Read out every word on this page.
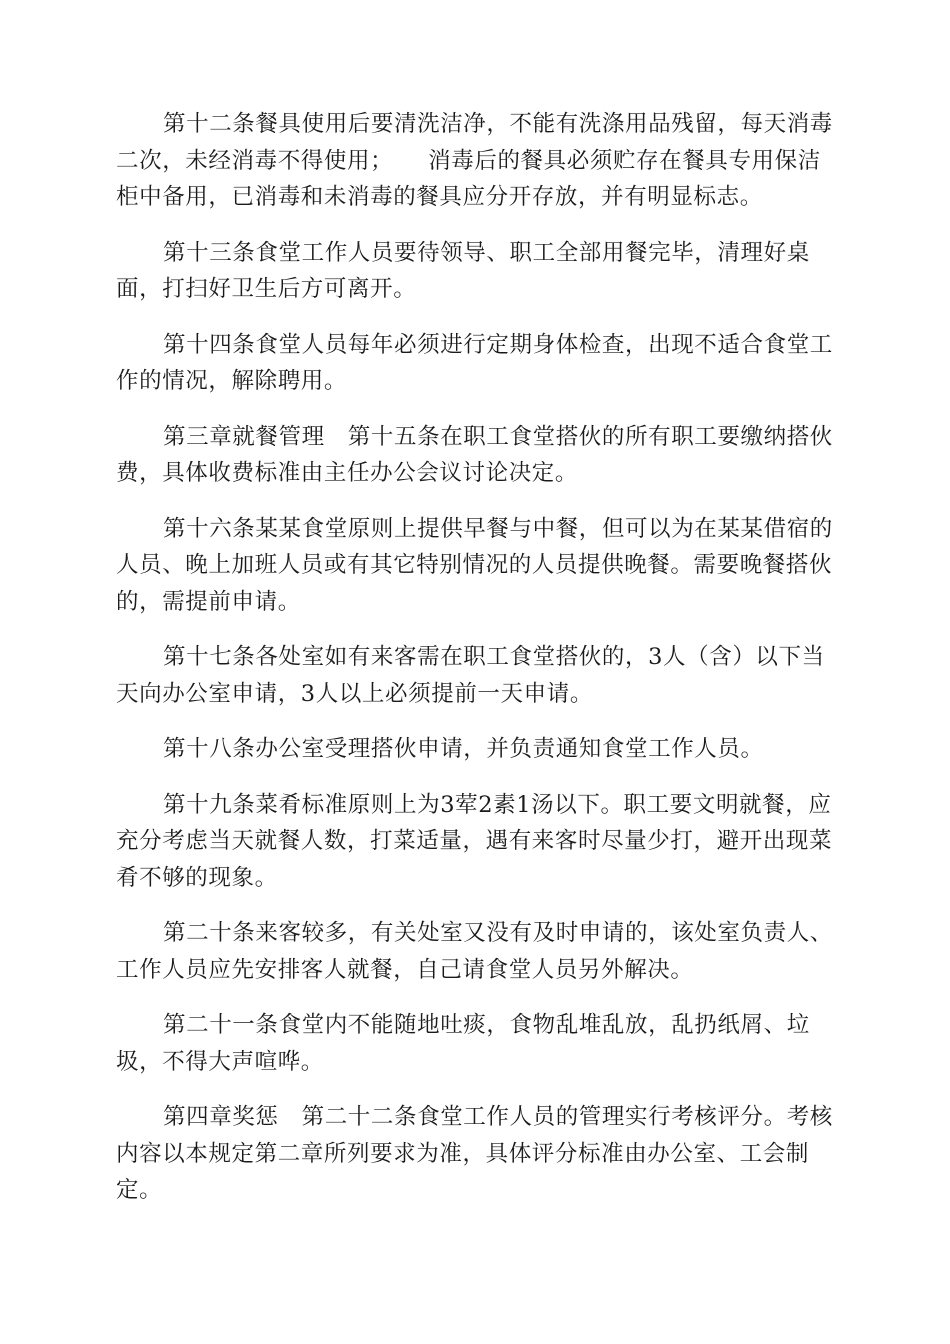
第十二条餐具使用后要清洗洁净，不能有洗涤用品残留，每天消毒二次，未经消毒不得使用；　　消毒后的餐具必须贮存在餐具专用保洁柜中备用，已消毒和未消毒的餐具应分开存放，并有明显标志。

第十三条食堂工作人员要待领导、职工全部用餐完毕，清理好桌面，打扫好卫生后方可离开。

第十四条食堂人员每年必须进行定期身体检查，出现不适合食堂工作的情况，解除聘用。

第三章就餐管理　第十五条在职工食堂搭伙的所有职工要缴纳搭伙费，具体收费标准由主任办公会议讨论决定。

第十六条某某食堂原则上提供早餐与中餐，但可以为在某某借宿的人员、晚上加班人员或有其它特别情况的人员提供晚餐。需要晚餐搭伙的，需提前申请。

第十七条各处室如有来客需在职工食堂搭伙的，3人（含）以下当天向办公室申请，3人以上必须提前一天申请。

第十八条办公室受理搭伙申请，并负责通知食堂工作人员。

第十九条菜肴标准原则上为3荤2素1汤以下。职工要文明就餐，应充分考虑当天就餐人数，打菜适量，遇有来客时尽量少打，避开出现菜肴不够的现象。

第二十条来客较多，有关处室又没有及时申请的，该处室负责人、工作人员应先安排客人就餐，自己请食堂人员另外解决。

第二十一条食堂内不能随地吐痰，食物乱堆乱放，乱扔纸屑、垃圾，不得大声喧哗。

第四章奖惩　第二十二条食堂工作人员的管理实行考核评分。考核内容以本规定第二章所列要求为准，具体评分标准由办公室、工会制定。
